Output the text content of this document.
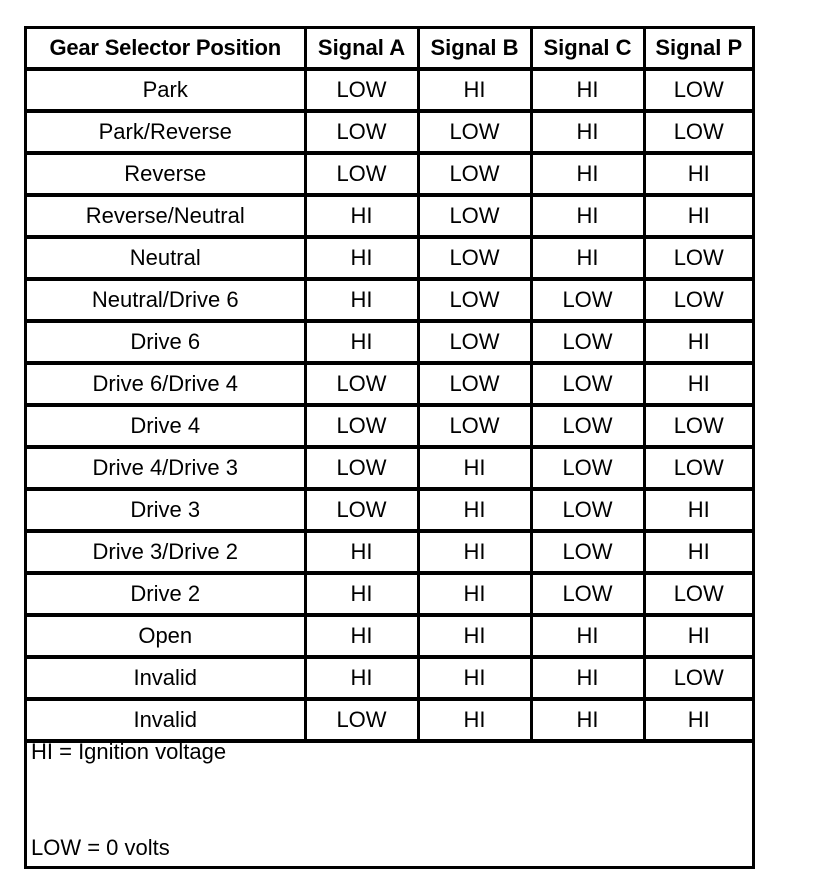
Gear Selector Position	Signal A	Signal B	Signal C	Signal P
Park	LOW	HI	HI	LOW
Park/Reverse	LOW	LOW	HI	LOW
Reverse	LOW	LOW	HI	HI
Reverse/Neutral	HI	LOW	HI	HI
Neutral	HI	LOW	HI	LOW
Neutral/Drive 6	HI	LOW	LOW	LOW
Drive 6	HI	LOW	LOW	HI
Drive 6/Drive 4	LOW	LOW	LOW	HI
Drive 4	LOW	LOW	LOW	LOW
Drive 4/Drive 3	LOW	HI	LOW	LOW
Drive 3	LOW	HI	LOW	HI
Drive 3/Drive 2	HI	HI	LOW	HI
Drive 2	HI	HI	LOW	LOW
Open	HI	HI	HI	HI
Invalid	HI	HI	HI	LOW
Invalid	LOW	HI	HI	HI
HI = Ignition voltage
LOW = 0 volts
